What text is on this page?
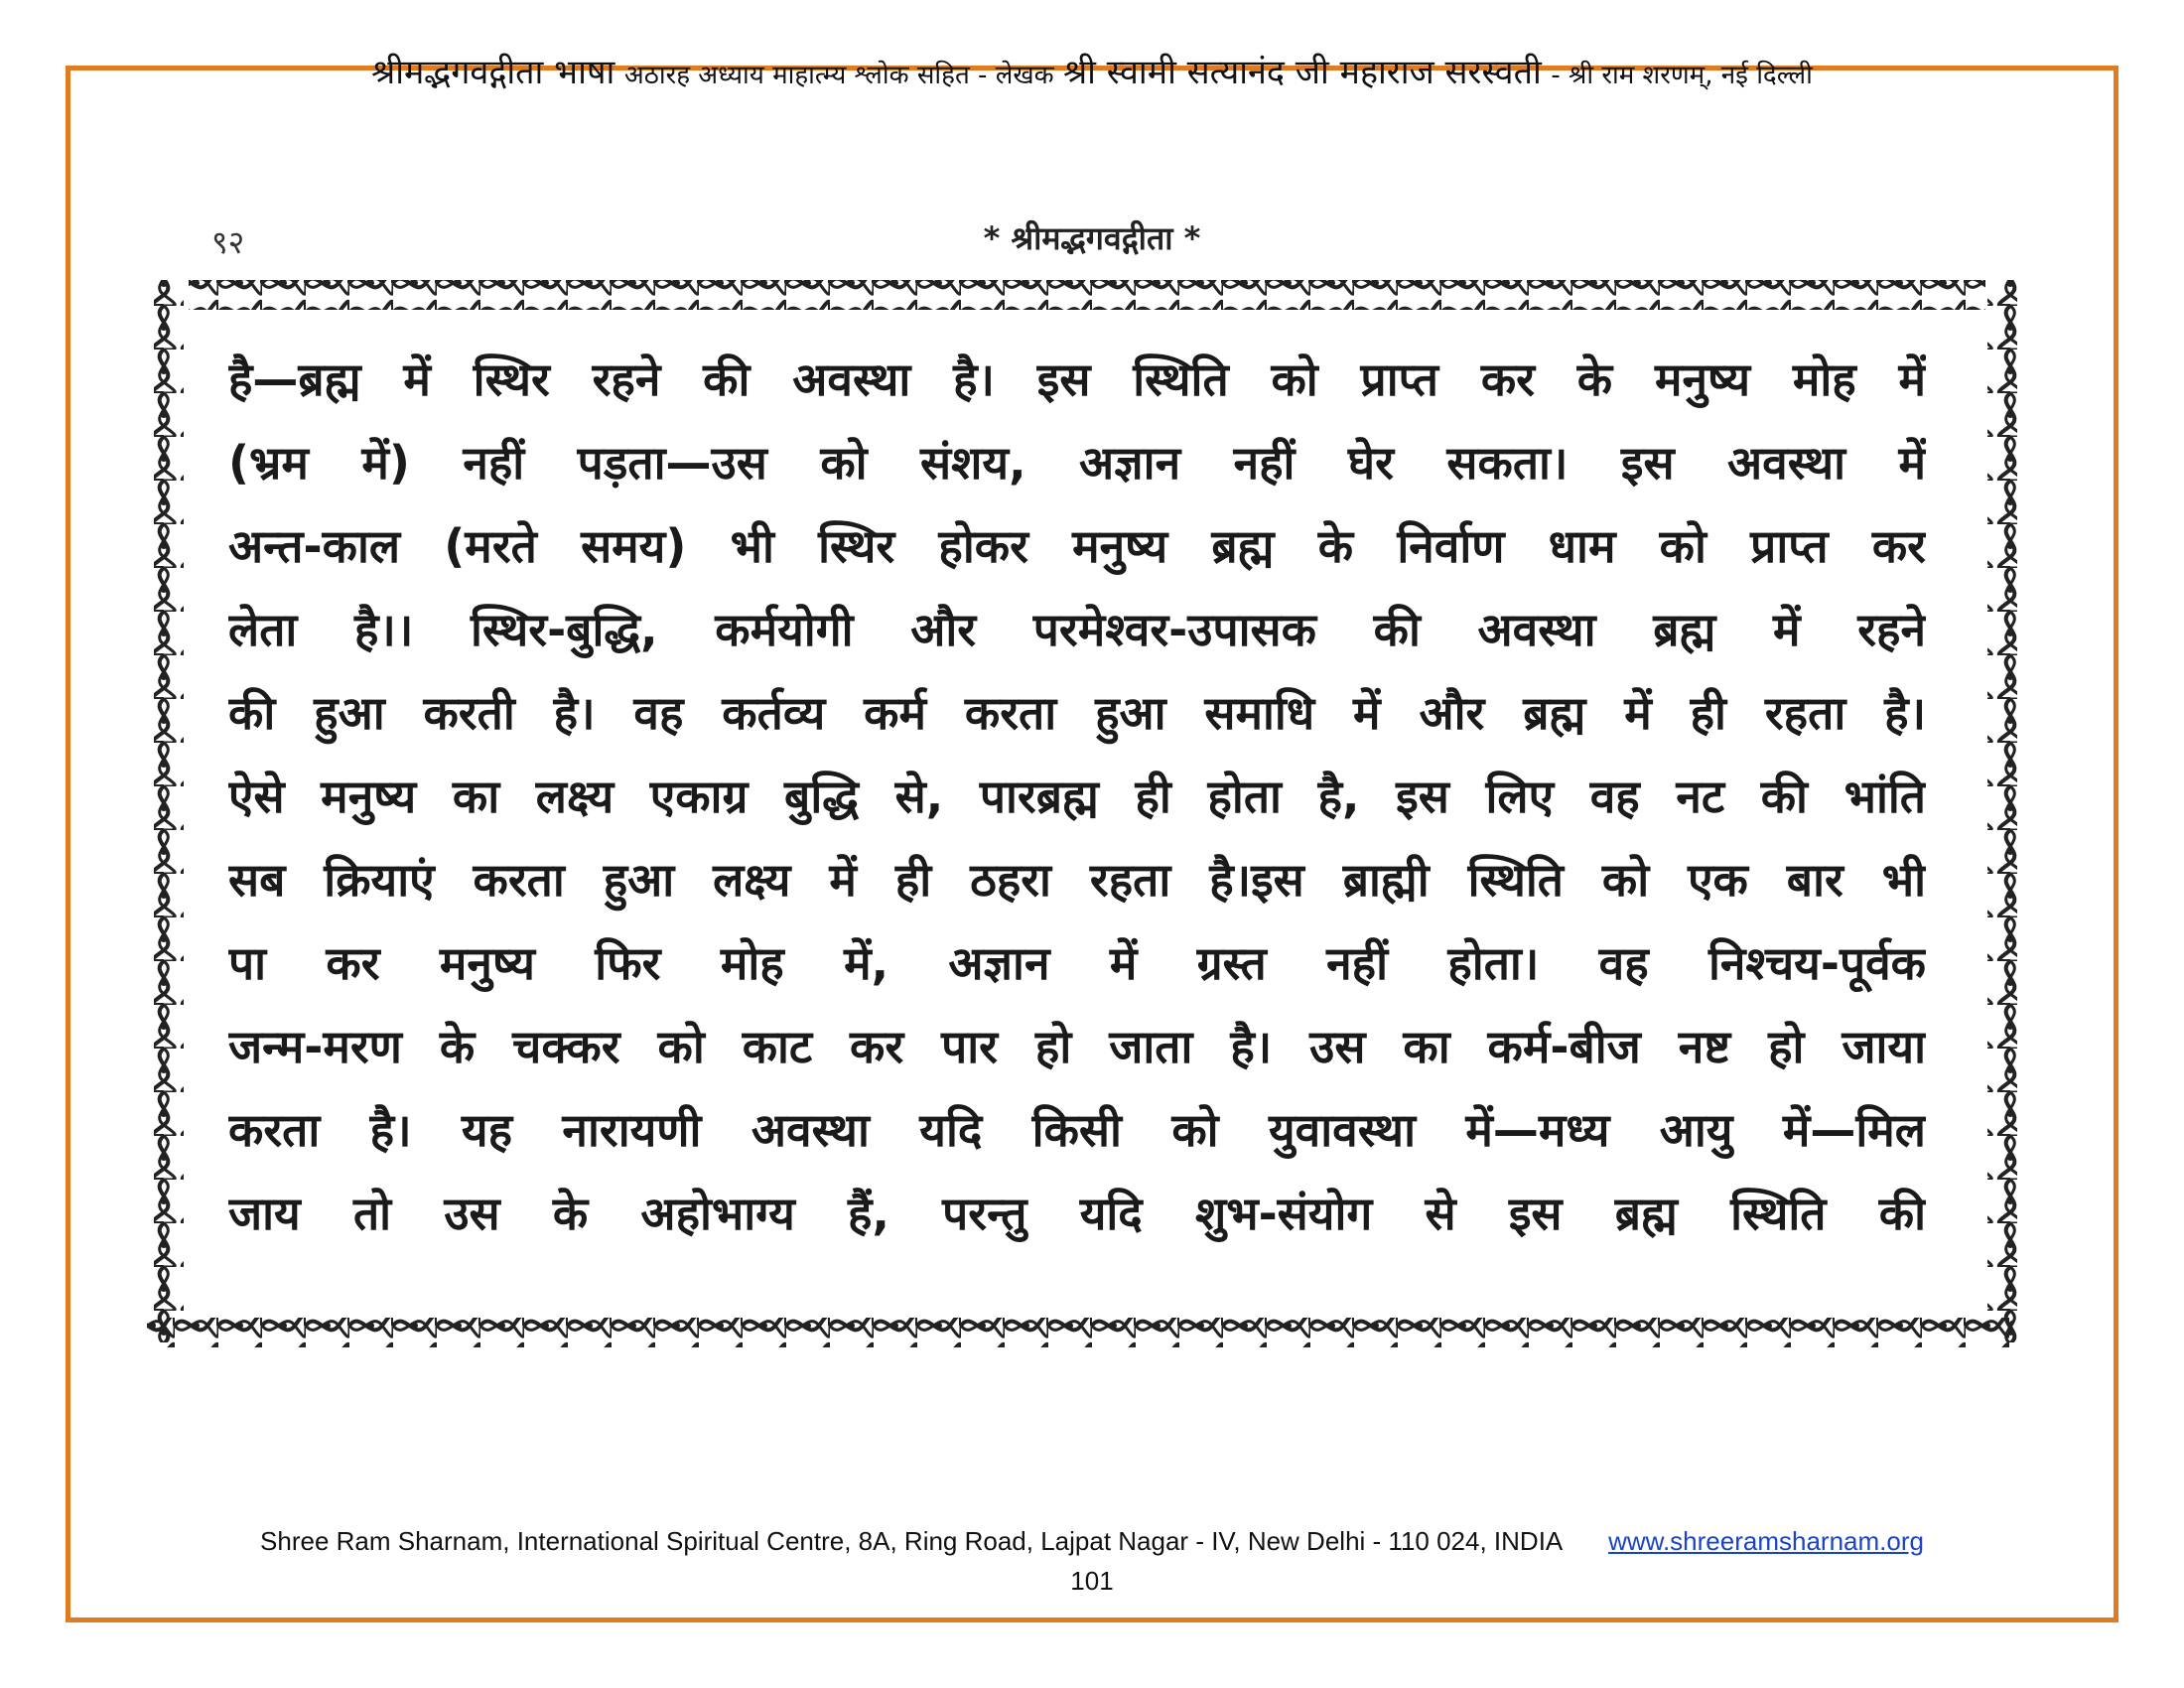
श्रीमद्भगवद्गीता भाषा अठारह अध्याय माहात्म्य श्लोक सहित - लेखक श्री स्वामी सत्यानंद जी महाराज सरस्वती - श्री राम शरणम्, नई दिल्ली
९२	* श्रीमद्भगवद्गीता *
है—ब्रह्म में स्थिर रहने की अवस्था है। इस स्थिति को प्राप्त कर के मनुष्य मोह में
(भ्रम में) नहीं पड़ता—उस को संशय, अज्ञान नहीं घेर सकता। इस अवस्था में
अन्त-काल (मरते समय) भी स्थिर होकर मनुष्य ब्रह्म के निर्वाण धाम को प्राप्त कर
लेता है।। स्थिर-बुद्धि, कर्मयोगी और परमेश्वर-उपासक की अवस्था ब्रह्म में रहने
की हुआ करती है। वह कर्तव्य कर्म करता हुआ समाधि में और ब्रह्म में ही रहता है।
ऐसे मनुष्य का लक्ष्य एकाग्र बुद्धि से, पारब्रह्म ही होता है, इस लिए वह नट की भांति
सब क्रियाएं करता हुआ लक्ष्य में ही ठहरा रहता है।इस ब्राह्मी स्थिति को एक बार भी
पा कर मनुष्य फिर मोह में, अज्ञान में ग्रस्त नहीं होता। वह निश्चय-पूर्वक
जन्म-मरण के चक्कर को काट कर पार हो जाता है। उस का कर्म-बीज नष्ट हो जाया
करता है। यह नारायणी अवस्था यदि किसी को युवावस्था में—मध्य आयु में—मिल
जाय तो उस के अहोभाग्य हैं, परन्तु यदि शुभ-संयोग से इस ब्रह्म स्थिति की
Shree Ram Sharnam, International Spiritual Centre, 8A, Ring Road, Lajpat Nagar - IV, New Delhi - 110 024, INDIA www.shreeramsharnam.org
101
